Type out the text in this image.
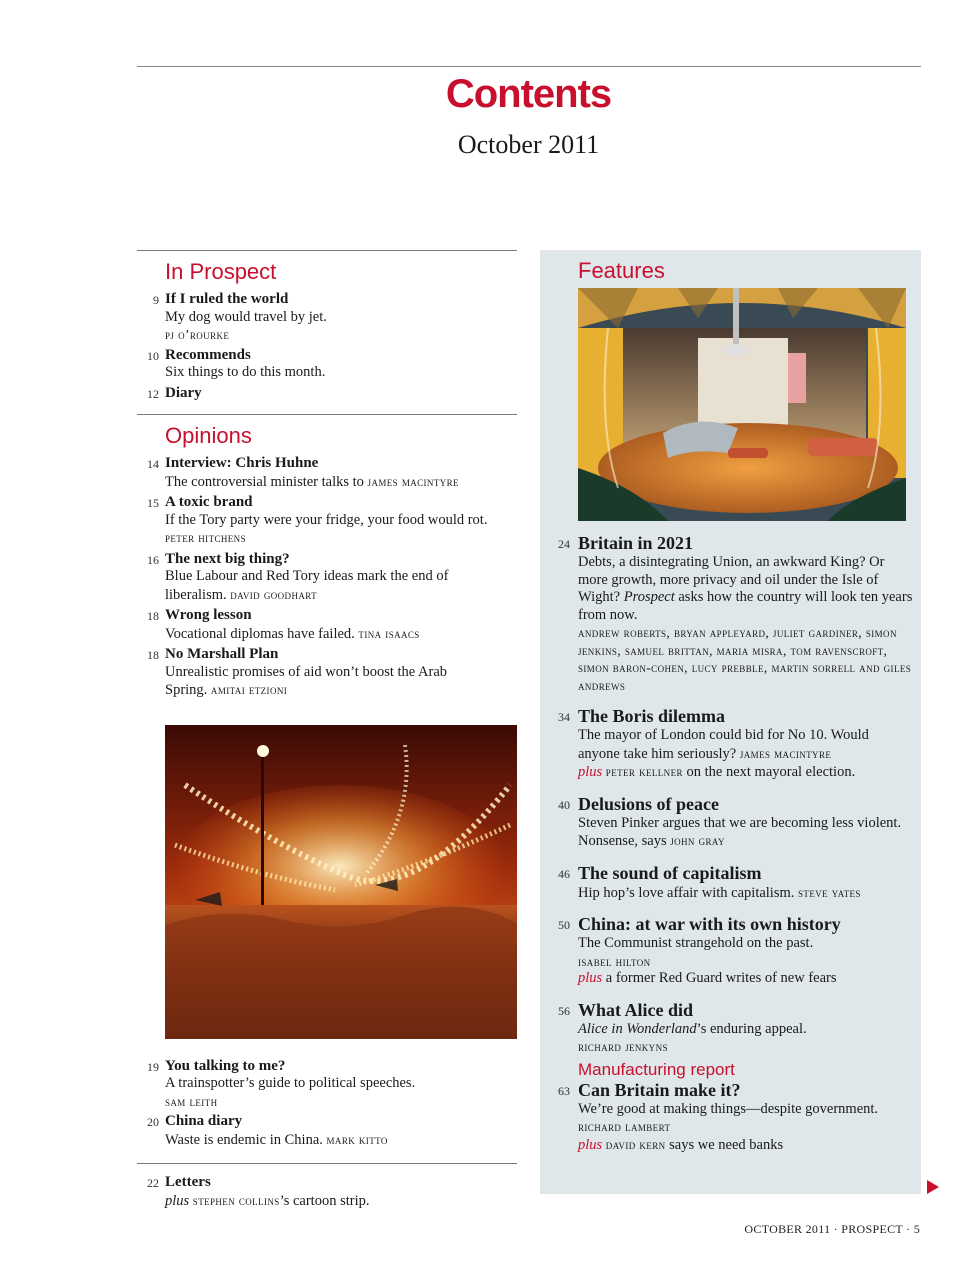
Contents
October 2011
In Prospect
9 If I ruled the world
My dog would travel by jet.
pj o’rourke
10 Recommends
Six things to do this month.
12 Diary
Opinions
14 Interview: Chris Huhne
The controversial minister talks to james macintyre
15 A toxic brand
If the Tory party were your fridge, your food would rot. peter hitchens
16 The next big thing?
Blue Labour and Red Tory ideas mark the end of liberalism. david goodhart
18 Wrong lesson
Vocational diplomas have failed. tina isaacs
18 No Marshall Plan
Unrealistic promises of aid won’t boost the Arab Spring. amitai etzioni
19 You talking to me?
A trainspotter’s guide to political speeches.
sam leith
20 China diary
Waste is endemic in China. mark kitto
22 Letters
plus stephen collins’s cartoon strip.
Features
24 Britain in 2021
Debts, a disintegrating Union, an awkward King? Or more growth, more privacy and oil under the Isle of Wight? Prospect asks how the country will look ten years from now.
andrew roberts, bryan appleyard, juliet gardiner, simon jenkins, samuel brittan, maria misra, tom ravenscroft, simon baron-cohen, lucy prebble, martin sorrell and giles andrews
34 The Boris dilemma
The mayor of London could bid for No 10. Would anyone take him seriously? james macintyre
plus peter kellner on the next mayoral election.
40 Delusions of peace
Steven Pinker argues that we are becoming less violent. Nonsense, says john gray
46 The sound of capitalism
Hip hop’s love affair with capitalism. steve yates
50 China: at war with its own history
The Communist strangehold on the past.
isabel hilton
plus a former Red Guard writes of new fears
56 What Alice did
Alice in Wonderland’s enduring appeal.
richard jenkyns
Manufacturing report
63 Can Britain make it?
We’re good at making things—despite government.
richard lambert
plus david kern says we need banks
OCTOBER 2011 · PROSPECT · 5
